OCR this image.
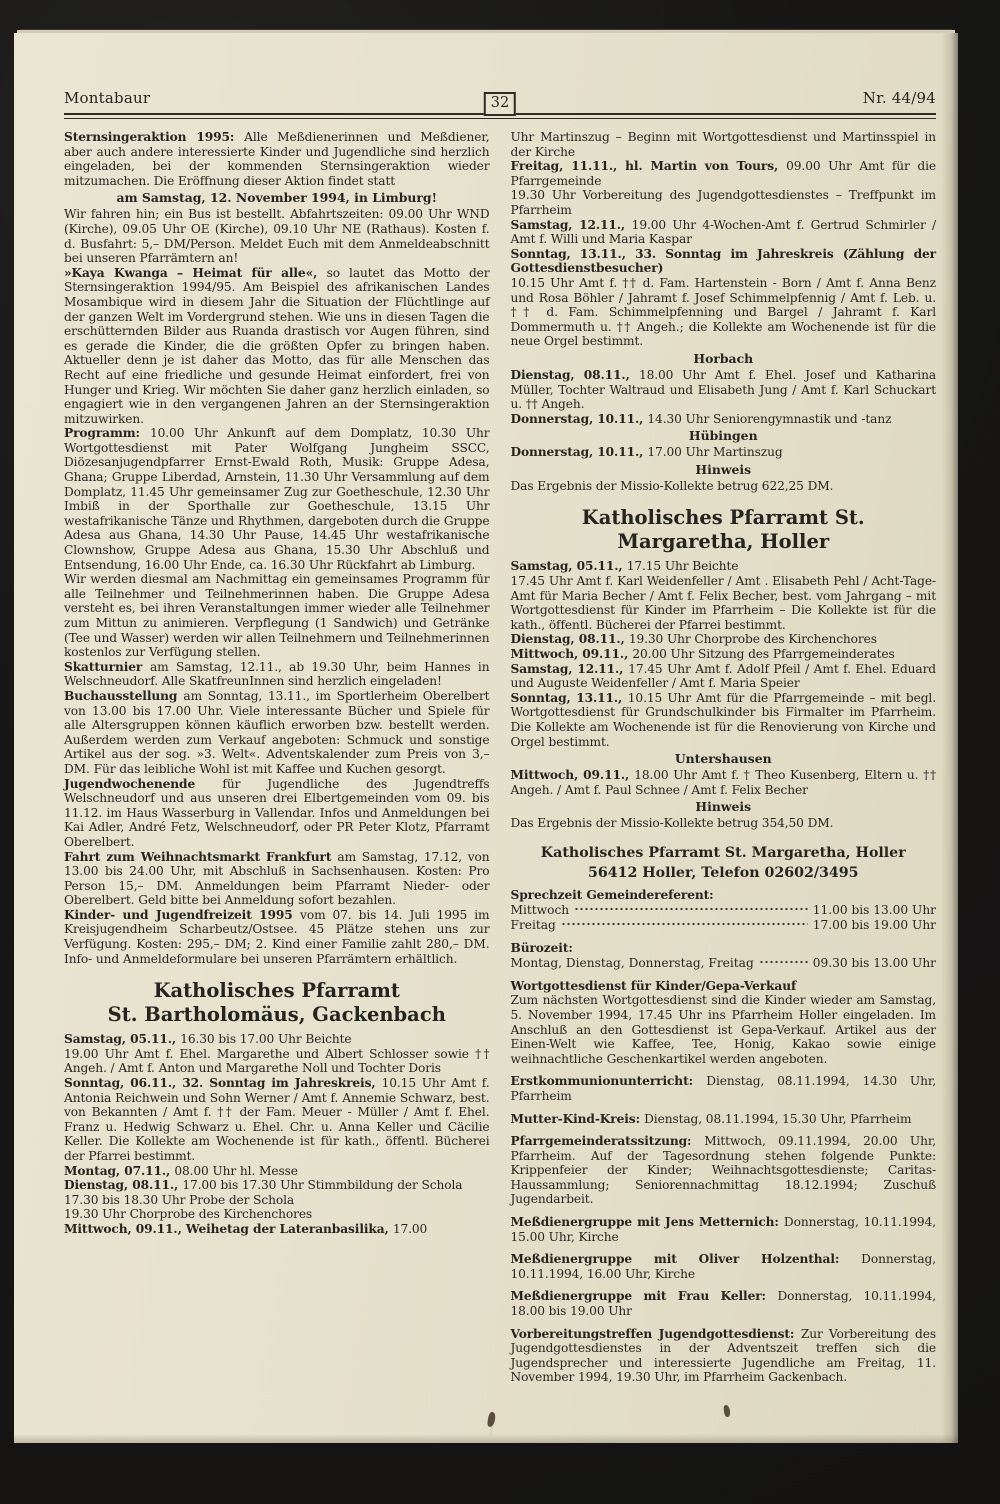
Montabaur	Nr. 44/94
32

Sternsingeraktion 1995: Alle Meßdienerinnen und Meßdiener, aber auch andere interessierte Kinder und Jugendliche sind herzlich eingeladen, bei der kommenden Sternsingeraktion wieder mitzumachen. Die Eröffnung dieser Aktion findet statt

am Samstag, 12. November 1994, in Limburg!

Wir fahren hin; ein Bus ist bestellt. Abfahrtszeiten: 09.00 Uhr WND (Kirche), 09.05 Uhr OE (Kirche), 09.10 Uhr NE (Rathaus). Kosten f. d. Busfahrt: 5,– DM/Person. Meldet Euch mit dem Anmeldeabschnitt bei unseren Pfarrämtern an!

»Kaya Kwanga – Heimat für alle«, so lautet das Motto der Sternsingeraktion 1994/95. Am Beispiel des afrikanischen Landes Mosambique wird in diesem Jahr die Situation der Flüchtlinge auf der ganzen Welt im Vordergrund stehen. Wie uns in diesen Tagen die erschütternden Bilder aus Ruanda drastisch vor Augen führen, sind es gerade die Kinder, die die größten Opfer zu bringen haben. Aktueller denn je ist daher das Motto, das für alle Menschen das Recht auf eine friedliche und gesunde Heimat einfordert, frei von Hunger und Krieg. Wir möchten Sie daher ganz herzlich einladen, so engagiert wie in den vergangenen Jahren an der Sternsingeraktion mitzuwirken.

Programm: 10.00 Uhr Ankunft auf dem Domplatz, 10.30 Uhr Wortgottesdienst mit Pater Wolfgang Jungheim SSCC, Diözesanjugendpfarrer Ernst-Ewald Roth, Musik: Gruppe Adesa, Ghana; Gruppe Liberdad, Arnstein, 11.30 Uhr Versammlung auf dem Domplatz, 11.45 Uhr gemeinsamer Zug zur Goetheschule, 12.30 Uhr Imbiß in der Sporthalle zur Goetheschule, 13.15 Uhr westafrikanische Tänze und Rhythmen, dargeboten durch die Gruppe Adesa aus Ghana, 14.30 Uhr Pause, 14.45 Uhr westafrikanische Clownshow, Gruppe Adesa aus Ghana, 15.30 Uhr Abschluß und Entsendung, 16.00 Uhr Ende, ca. 16.30 Uhr Rückfahrt ab Limburg.

Wir werden diesmal am Nachmittag ein gemeinsames Programm für alle Teilnehmer und Teilnehmerinnen haben. Die Gruppe Adesa versteht es, bei ihren Veranstaltungen immer wieder alle Teilnehmer zum Mittun zu animieren. Verpflegung (1 Sandwich) und Getränke (Tee und Wasser) werden wir allen Teilnehmern und Teilnehmerinnen kostenlos zur Verfügung stellen.

Skatturnier am Samstag, 12.11., ab 19.30 Uhr, beim Hannes in Welschneudorf. Alle SkatfreunInnen sind herzlich eingeladen!

Buchausstellung am Sonntag, 13.11., im Sportlerheim Oberelbert von 13.00 bis 17.00 Uhr. Viele interessante Bücher und Spiele für alle Altersgruppen können käuflich erworben bzw. bestellt werden. Außerdem werden zum Verkauf angeboten: Schmuck und sonstige Artikel aus der sog. »3. Welt«. Adventskalender zum Preis von 3,– DM. Für das leibliche Wohl ist mit Kaffee und Kuchen gesorgt.

Jugendwochenende für Jugendliche des Jugendtreffs Welschneudorf und aus unseren drei Elbertgemeinden vom 09. bis 11.12. im Haus Wasserburg in Vallendar. Infos und Anmeldungen bei Kai Adler, André Fetz, Welschneudorf, oder PR Peter Klotz, Pfarramt Oberelbert.

Fahrt zum Weihnachtsmarkt Frankfurt am Samstag, 17.12, von 13.00 bis 24.00 Uhr, mit Abschluß in Sachsenhausen. Kosten: Pro Person 15,– DM. Anmeldungen beim Pfarramt Nieder- oder Oberelbert. Geld bitte bei Anmeldung sofort bezahlen.

Kinder- und Jugendfreizeit 1995 vom 07. bis 14. Juli 1995 im Kreisjugendheim Scharbeutz/Ostsee. 45 Plätze stehen uns zur Verfügung. Kosten: 295,– DM; 2. Kind einer Familie zahlt 280,– DM. Info- und Anmeldeformulare bei unseren Pfarrämtern erhältlich.

Katholisches Pfarramt
St. Bartholomäus, Gackenbach

Samstag, 05.11., 16.30 bis 17.00 Uhr Beichte

19.00 Uhr Amt f. Ehel. Margarethe und Albert Schlosser sowie †† Angeh. / Amt f. Anton und Margarethe Noll und Tochter Doris

Sonntag, 06.11., 32. Sonntag im Jahreskreis, 10.15 Uhr Amt f. Antonia Reichwein und Sohn Werner / Amt f. Annemie Schwarz, best. von Bekannten / Amt f. †† der Fam. Meuer - Müller / Amt f. Ehel. Franz u. Hedwig Schwarz u. Ehel. Chr. u. Anna Keller und Cäcilie Keller. Die Kollekte am Wochenende ist für kath., öffentl. Bücherei der Pfarrei bestimmt.

Montag, 07.11., 08.00 Uhr hl. Messe

Dienstag, 08.11., 17.00 bis 17.30 Uhr Stimmbildung der Schola

17.30 bis 18.30 Uhr Probe der Schola

19.30 Uhr Chorprobe des Kirchenchores

Mittwoch, 09.11., Weihetag der Lateranbasilika, 17.00

Uhr Martinszug – Beginn mit Wortgottesdienst und Martinsspiel in der Kirche

Freitag, 11.11., hl. Martin von Tours, 09.00 Uhr Amt für die Pfarrgemeinde

19.30 Uhr Vorbereitung des Jugendgottesdienstes – Treffpunkt im Pfarrheim

Samstag, 12.11., 19.00 Uhr 4-Wochen-Amt f. Gertrud Schmirler / Amt f. Willi und Maria Kaspar

Sonntag, 13.11., 33. Sonntag im Jahreskreis (Zählung der Gottesdienstbesucher)

10.15 Uhr Amt f. †† d. Fam. Hartenstein - Born / Amt f. Anna Benz und Rosa Böhler / Jahramt f. Josef Schimmelpfennig / Amt f. Leb. u. †† d. Fam. Schimmelpfenning und Bargel / Jahramt f. Karl Dommermuth u. †† Angeh.; die Kollekte am Wochenende ist für die neue Orgel bestimmt.

Horbach

Dienstag, 08.11., 18.00 Uhr Amt f. Ehel. Josef und Katharina Müller, Tochter Waltraud und Elisabeth Jung / Amt f. Karl Schuckart u. †† Angeh.

Donnerstag, 10.11., 14.30 Uhr Seniorengymnastik und -tanz

Hübingen

Donnerstag, 10.11., 17.00 Uhr Martinszug

Hinweis

Das Ergebnis der Missio-Kollekte betrug 622,25 DM.

Katholisches Pfarramt St. Margaretha, Holler

Samstag, 05.11., 17.15 Uhr Beichte

17.45 Uhr Amt f. Karl Weidenfeller / Amt . Elisabeth Pehl / Acht-Tage-Amt für Maria Becher / Amt f. Felix Becher, best. vom Jahrgang – mit Wortgottesdienst für Kinder im Pfarrheim – Die Kollekte ist für die kath., öffentl. Bücherei der Pfarrei bestimmt.

Dienstag, 08.11., 19.30 Uhr Chorprobe des Kirchenchores

Mittwoch, 09.11., 20.00 Uhr Sitzung des Pfarrgemeinderates

Samstag, 12.11., 17.45 Uhr Amt f. Adolf Pfeil / Amt f. Ehel. Eduard und Auguste Weidenfeller / Amt f. Maria Speier

Sonntag, 13.11., 10.15 Uhr Amt für die Pfarrgemeinde – mit begl. Wortgottesdienst für Grundschulkinder bis Firmalter im Pfarrheim. Die Kollekte am Wochenende ist für die Renovierung von Kirche und Orgel bestimmt.

Untershausen

Mittwoch, 09.11., 18.00 Uhr Amt f. † Theo Kusenberg, Eltern u. †† Angeh. / Amt f. Paul Schnee / Amt f. Felix Becher

Hinweis

Das Ergebnis der Missio-Kollekte betrug 354,50 DM.

Katholisches Pfarramt St. Margaretha, Holler
56412 Holler, Telefon 02602/3495

Sprechzeit Gemeindereferent:

Mittwoch	11.00 bis 13.00 Uhr
Freitag	17.00 bis 19.00 Uhr

Bürozeit:

Montag, Dienstag, Donnerstag, Freitag	09.30 bis 13.00 Uhr

Wortgottesdienst für Kinder/Gepa-Verkauf

Zum nächsten Wortgottesdienst sind die Kinder wieder am Samstag, 5. November 1994, 17.45 Uhr ins Pfarrheim Holler eingeladen. Im Anschluß an den Gottesdienst ist Gepa-Verkauf. Artikel aus der Einen-Welt wie Kaffee, Tee, Honig, Kakao sowie einige weihnachtliche Geschenkartikel werden angeboten.

Erstkommunionunterricht: Dienstag, 08.11.1994, 14.30 Uhr, Pfarrheim

Mutter-Kind-Kreis: Dienstag, 08.11.1994, 15.30 Uhr, Pfarrheim

Pfarrgemeinderatssitzung: Mittwoch, 09.11.1994, 20.00 Uhr, Pfarrheim. Auf der Tagesordnung stehen folgende Punkte: Krippenfeier der Kinder; Weihnachtsgottesdienste; Caritas-Haussammlung; Seniorennachmittag 18.12.1994; Zuschuß Jugendarbeit.

Meßdienergruppe mit Jens Metternich: Donnerstag, 10.11.1994, 15.00 Uhr, Kirche

Meßdienergruppe mit Oliver Holzenthal: Donnerstag, 10.11.1994, 16.00 Uhr, Kirche

Meßdienergruppe mit Frau Keller: Donnerstag, 10.11.1994, 18.00 bis 19.00 Uhr

Vorbereitungstreffen Jugendgottesdienst: Zur Vorbereitung des Jugendgottesdienstes in der Adventszeit treffen sich die Jugendsprecher und interessierte Jugendliche am Freitag, 11. November 1994, 19.30 Uhr, im Pfarrheim Gackenbach.
